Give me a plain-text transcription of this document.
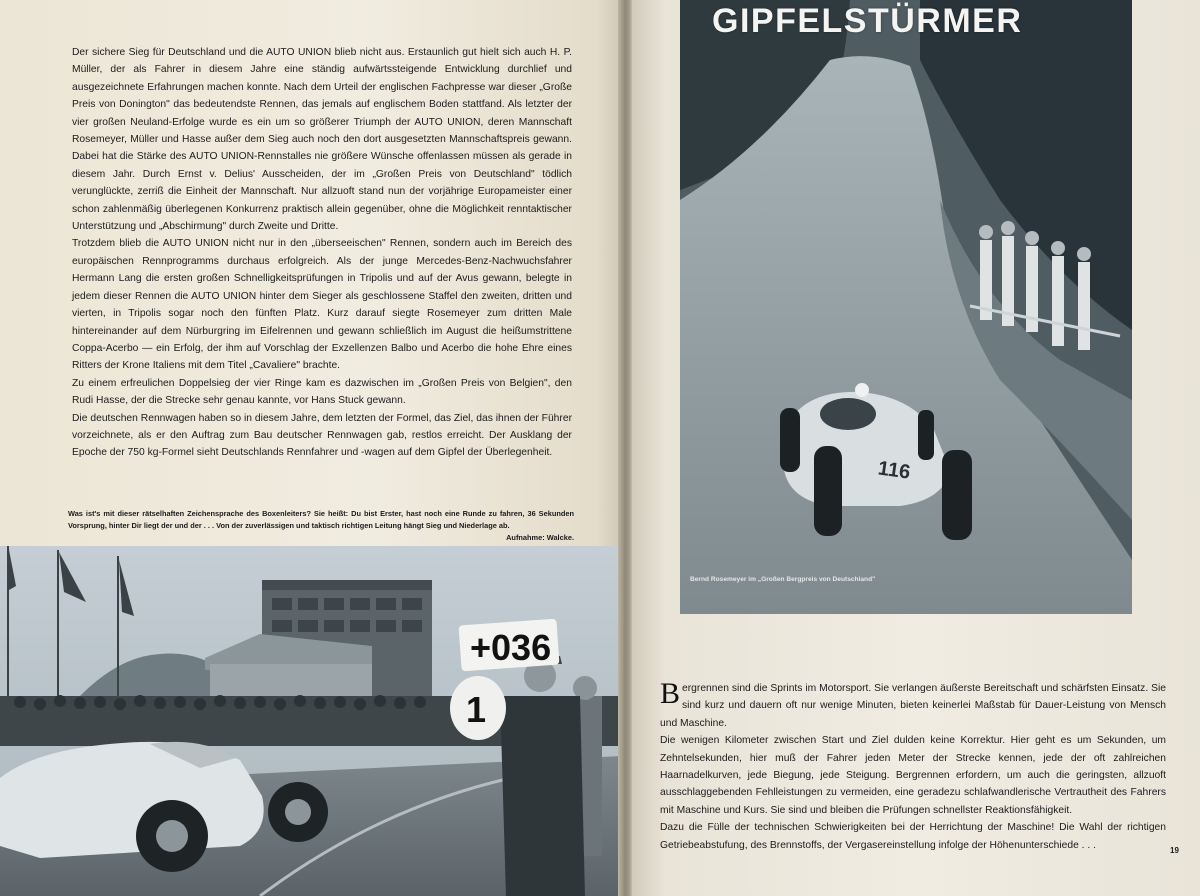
Der sichere Sieg für Deutschland und die AUTO UNION blieb nicht aus. Erstaunlich gut hielt sich auch H. P. Müller, der als Fahrer in diesem Jahre eine ständig aufwärtssteigende Entwicklung durchlief und ausgezeichnete Erfahrungen machen konnte. Nach dem Urteil der englischen Fachpresse war dieser „Große Preis von Donington" das bedeutendste Rennen, das jemals auf englischem Boden stattfand. Als letzter der vier großen Neuland-Erfolge wurde es ein um so größerer Triumph der AUTO UNION, deren Mannschaft Rosemeyer, Müller und Hasse außer dem Sieg auch noch den dort ausgesetzten Mannschaftspreis gewann. Dabei hat die Stärke des AUTO UNION-Rennstalles nie größere Wünsche offenlassen müssen als gerade in diesem Jahr. Durch Ernst v. Delius' Ausscheiden, der im „Großen Preis von Deutschland" tödlich verunglückte, zerriß die Einheit der Mannschaft. Nur allzuoft stand nun der vorjährige Europameister einer schon zahlenmäßig überlegenen Konkurrenz praktisch allein gegenüber, ohne die Möglichkeit renntaktischer Unterstützung und „Abschirmung" durch Zweite und Dritte.

Trotzdem blieb die AUTO UNION nicht nur in den „überseeischen" Rennen, sondern auch im Bereich des europäischen Rennprogramms durchaus erfolgreich. Als der junge Mercedes-Benz-Nachwuchsfahrer Hermann Lang die ersten großen Schnelligkeitsprüfungen in Tripolis und auf der Avus gewann, belegte in jedem dieser Rennen die AUTO UNION hinter dem Sieger als geschlossene Staffel den zweiten, dritten und vierten, in Tripolis sogar noch den fünften Platz. Kurz darauf siegte Rosemeyer zum dritten Male hintereinander auf dem Nürburgring im Eifelrennen und gewann schließlich im August die heißumstrittene Coppa-Acerbo — ein Erfolg, der ihm auf Vorschlag der Exzellenzen Balbo und Acerbo die hohe Ehre eines Ritters der Krone Italiens mit dem Titel „Cavaliere" brachte.

Zu einem erfreulichen Doppelsieg der vier Ringe kam es dazwischen im „Großen Preis von Belgien", den Rudi Hasse, der die Strecke sehr genau kannte, vor Hans Stuck gewann.

Die deutschen Rennwagen haben so in diesem Jahre, dem letzten der Formel, das Ziel, das ihnen der Führer vorzeichnete, als er den Auftrag zum Bau deutscher Rennwagen gab, restlos erreicht. Der Ausklang der Epoche der 750 kg-Formel sieht Deutschlands Rennfahrer und -wagen auf dem Gipfel der Überlegenheit.

Was ist's mit dieser rätselhaften Zeichensprache des Boxenleiters? Sie heißt: Du bist Erster, hast noch eine Runde zu fahren, 36 Sekunden Vorsprung, hinter Dir liegt der und der . . . Von der zuverlässigen und taktisch richtigen Leitung hängt Sieg und Niederlage ab.
Aufnahme: Walcke.
+036
1
116
GIPFELSTÜRMER
Bernd Rosemeyer im „Großen Bergpreis von Deutschland"
B ergrennen sind die Sprints im Motorsport. Sie verlangen äußerste Bereitschaft und schärfsten Einsatz. Sie sind kurz und dauern oft nur wenige Minuten, bieten keinerlei Maßstab für Dauer-Leistung von Mensch und Maschine.

Die wenigen Kilometer zwischen Start und Ziel dulden keine Korrektur. Hier geht es um Sekunden, um Zehntelsekunden, hier muß der Fahrer jeden Meter der Strecke kennen, jede der oft zahlreichen Haarnadelkurven, jede Biegung, jede Steigung. Bergrennen erfordern, um auch die geringsten, allzuoft ausschlaggebenden Fehlleistungen zu vermeiden, eine geradezu schlafwandlerische Vertrautheit des Fahrers mit Maschine und Kurs. Sie sind und bleiben die Prüfungen schnellster Reaktionsfähigkeit.

Dazu die Fülle der technischen Schwierigkeiten bei der Herrichtung der Maschine! Die Wahl der richtigen Getriebeabstufung, des Brennstoffs, der Vergasereinstellung infolge der Höhenunterschiede . . .	19
